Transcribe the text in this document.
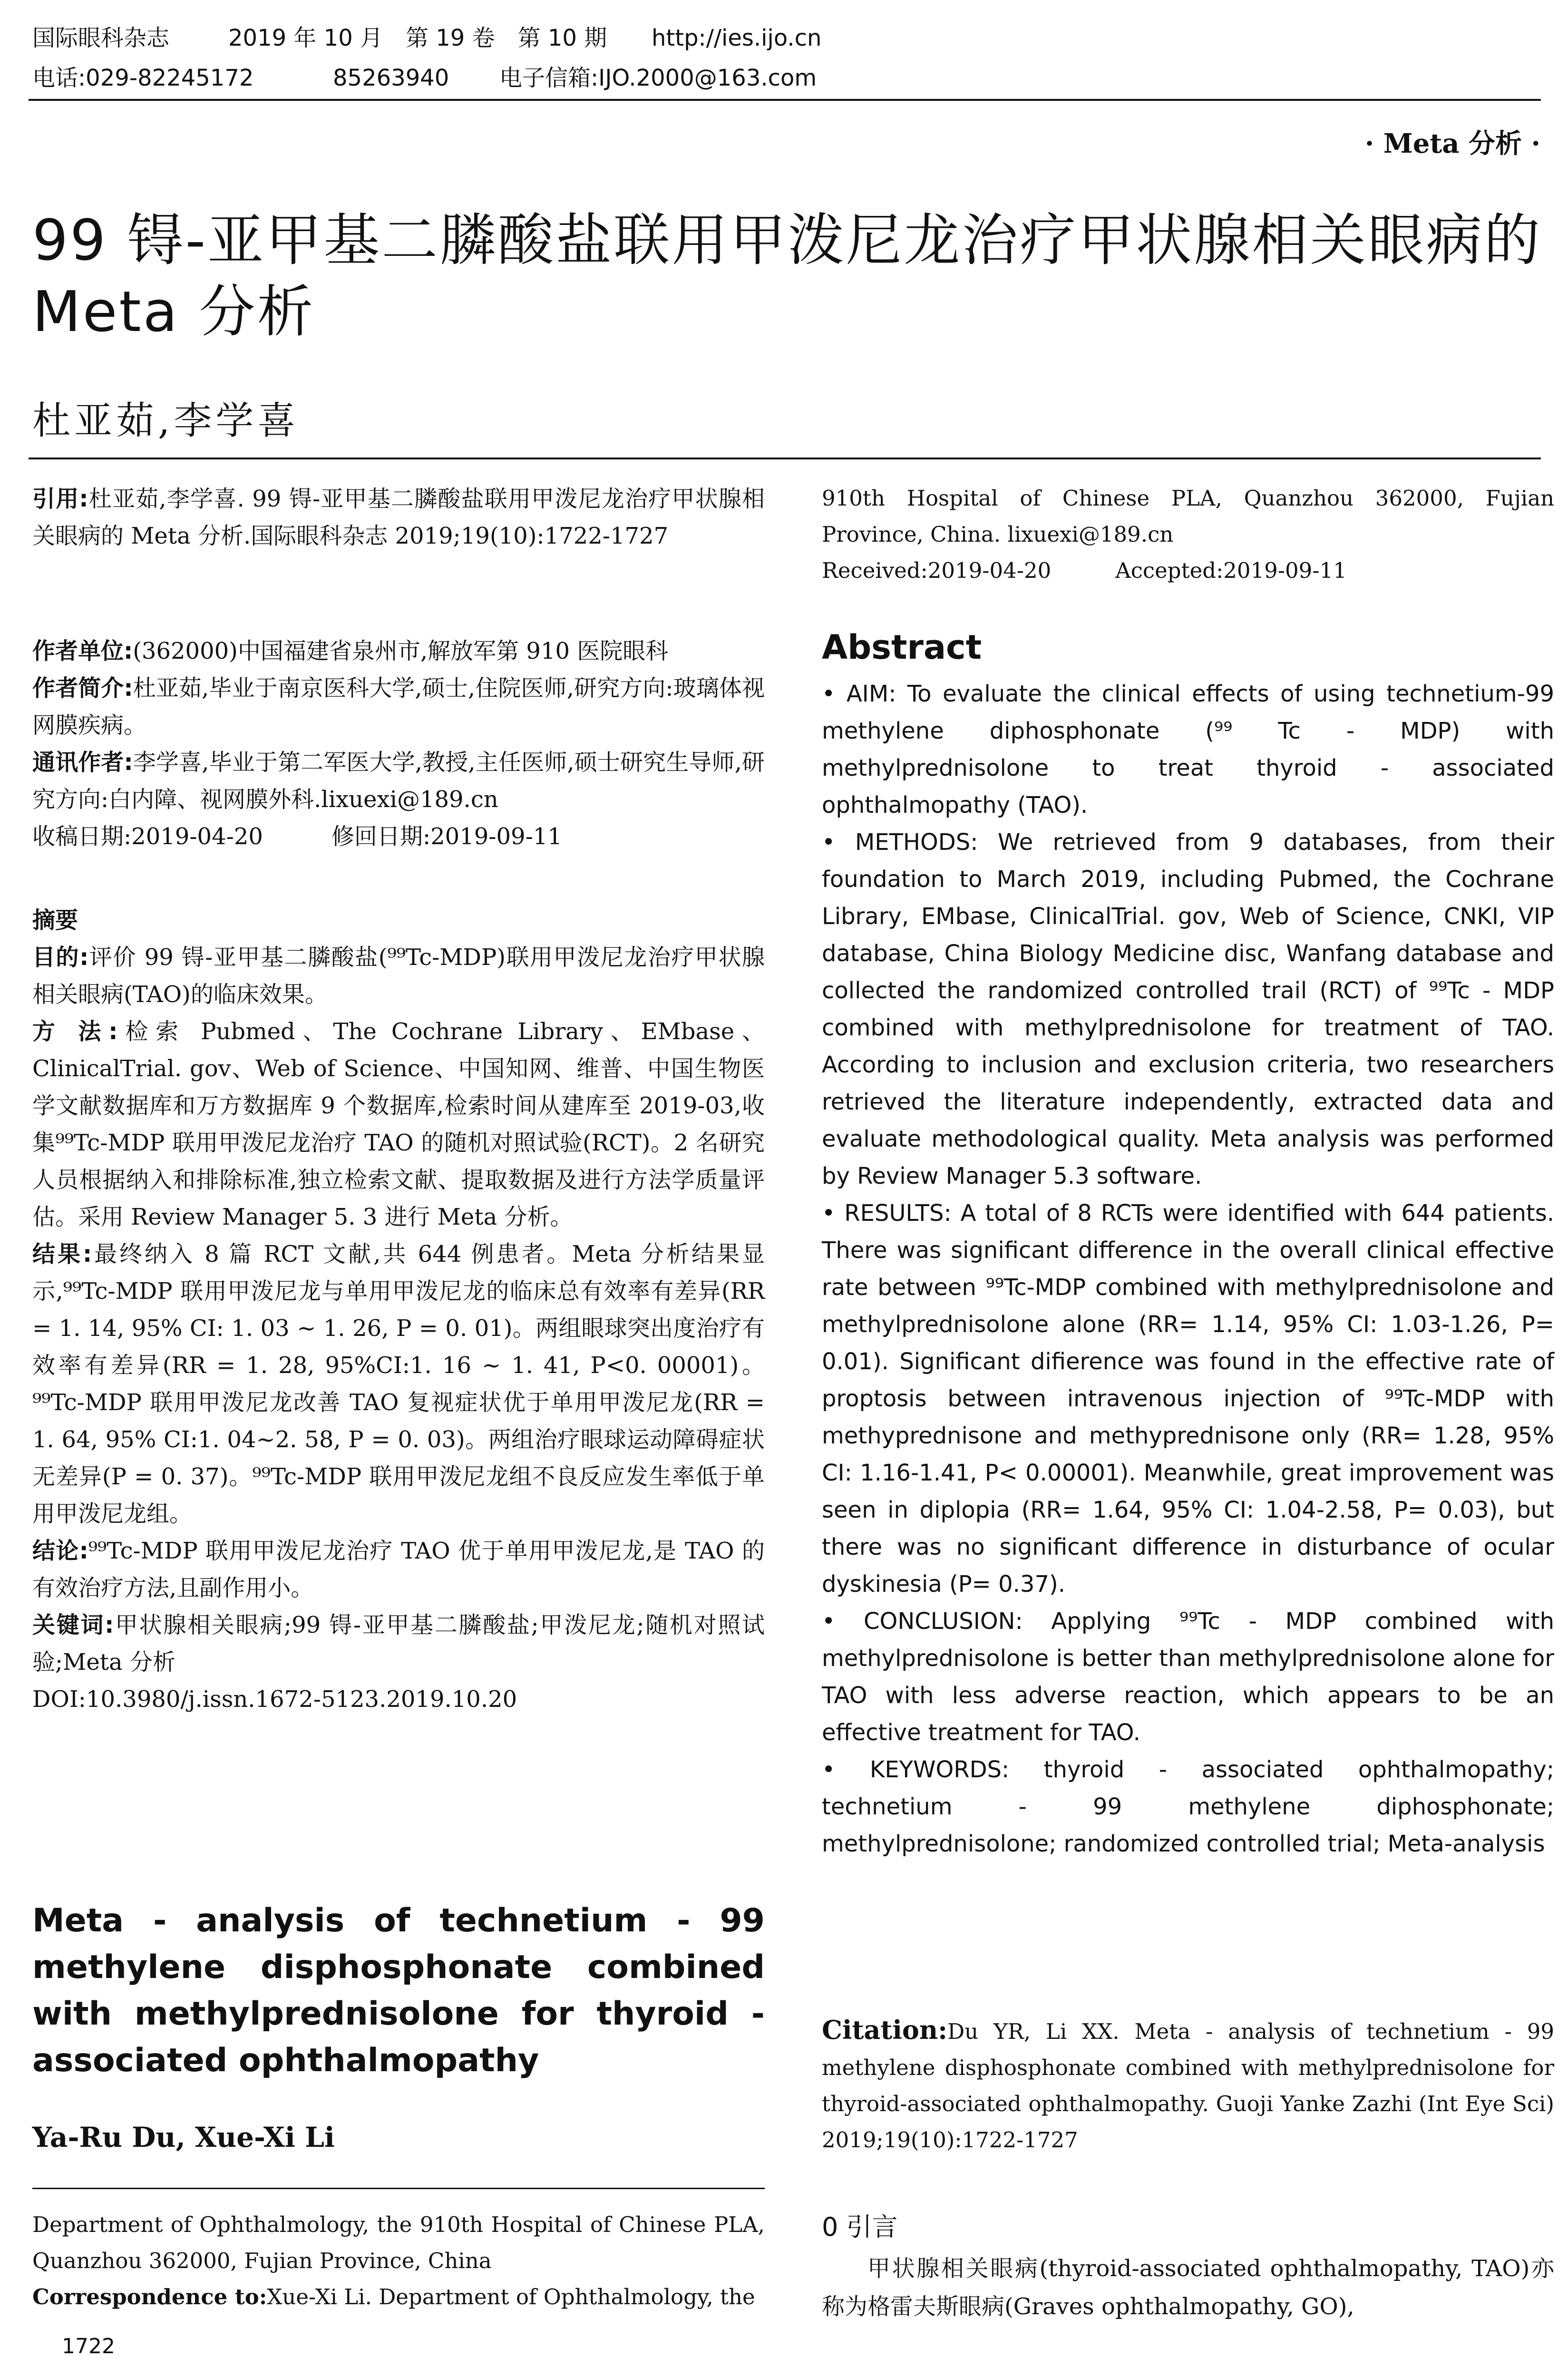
国际眼科杂志	2019 年 10 月　第 19 卷　第 10 期 http://ies.ijo.cn
电话:029-82245172	85263940 电子信箱:IJO.2000@163.com
· Meta 分析 ·
99 锝-亚甲基二膦酸盐联用甲泼尼龙治疗甲状腺相关眼病的 Meta 分析
杜亚茹,李学喜

引用:杜亚茹,李学喜. 99 锝-亚甲基二膦酸盐联用甲泼尼龙治疗甲状腺相关眼病的 Meta 分析.国际眼科杂志 2019;19(10):1722-1727

作者单位:(362000)中国福建省泉州市,解放军第 910 医院眼科

作者简介:杜亚茹,毕业于南京医科大学,硕士,住院医师,研究方向:玻璃体视网膜疾病。

通讯作者:李学喜,毕业于第二军医大学,教授,主任医师,硕士研究生导师,研究方向:白内障、视网膜外科.lixuexi@189.cn

收稿日期:2019-04-20　　　	修回日期:2019-09-11

摘要

目的:评价 99 锝-亚甲基二膦酸盐(⁹⁹Tc-MDP)联用甲泼尼龙治疗甲状腺相关眼病(TAO)的临床效果。

方 法:检索 Pubmed、The Cochrane Library、EMbase、ClinicalTrial. gov、Web of Science、中国知网、维普、中国生物医学文献数据库和万方数据库 9 个数据库,检索时间从建库至 2019-03,收集⁹⁹Tc-MDP 联用甲泼尼龙治疗 TAO 的随机对照试验(RCT)。2 名研究人员根据纳入和排除标准,独立检索文献、提取数据及进行方法学质量评估。采用 Review Manager 5. 3 进行 Meta 分析。

结果:最终纳入 8 篇 RCT 文献,共 644 例患者。Meta 分析结果显示,⁹⁹Tc-MDP 联用甲泼尼龙与单用甲泼尼龙的临床总有效率有差异(RR = 1. 14, 95% CI: 1. 03 ~ 1. 26, P = 0. 01)。两组眼球突出度治疗有效率有差异(RR = 1. 28, 95%CI:1. 16 ~ 1. 41, P<0. 00001)。⁹⁹Tc-MDP 联用甲泼尼龙改善 TAO 复视症状优于单用甲泼尼龙(RR = 1. 64, 95% CI:1. 04~2. 58, P = 0. 03)。两组治疗眼球运动障碍症状无差异(P = 0. 37)。⁹⁹Tc-MDP 联用甲泼尼龙组不良反应发生率低于单用甲泼尼龙组。

结论:⁹⁹Tc-MDP 联用甲泼尼龙治疗 TAO 优于单用甲泼尼龙,是 TAO 的有效治疗方法,且副作用小。

关键词:甲状腺相关眼病;99 锝-亚甲基二膦酸盐;甲泼尼龙;随机对照试验;Meta 分析

DOI:10.3980/j.issn.1672-5123.2019.10.20

Meta - analysis of technetium - 99 methylene disphosphonate combined with methylprednisolone for thyroid - associated ophthalmopathy
Ya-Ru Du, Xue-Xi Li

Department of Ophthalmology, the 910th Hospital of Chinese PLA, Quanzhou 362000, Fujian Province, China

Correspondence to:Xue-Xi Li. Department of Ophthalmology, the

1722

910th Hospital of Chinese PLA, Quanzhou 362000, Fujian Province, China. lixuexi@189.cn

Received:2019-04-20　　　	Accepted:2019-09-11

Abstract

• AIM: To evaluate the clinical effects of using technetium-99 methylene diphosphonate (⁹⁹ Tc - MDP) with methylprednisolone to treat thyroid - associated ophthalmopathy (TAO).

• METHODS: We retrieved from 9 databases, from their foundation to March 2019, including Pubmed, the Cochrane Library, EMbase, ClinicalTrial. gov, Web of Science, CNKI, VIP database, China Biology Medicine disc, Wanfang database and collected the randomized controlled trail (RCT) of ⁹⁹Tc - MDP combined with methylprednisolone for treatment of TAO. According to inclusion and exclusion criteria, two researchers retrieved the literature independently, extracted data and evaluate methodological quality. Meta analysis was performed by Review Manager 5.3 software.

• RESULTS: A total of 8 RCTs were identified with 644 patients. There was significant difference in the overall clinical effective rate between ⁹⁹Tc-MDP combined with methylprednisolone and methylprednisolone alone (RR= 1.14, 95% CI: 1.03-1.26, P= 0.01). Significant difierence was found in the effective rate of proptosis between intravenous injection of ⁹⁹Tc-MDP with methyprednisone and methyprednisone only (RR= 1.28, 95% CI: 1.16-1.41, P< 0.00001). Meanwhile, great improvement was seen in diplopia (RR= 1.64, 95% CI: 1.04-2.58, P= 0.03), but there was no significant difference in disturbance of ocular dyskinesia (P= 0.37).

• CONCLUSION: Applying ⁹⁹Tc - MDP combined with methylprednisolone is better than methylprednisolone alone for TAO with less adverse reaction, which appears to be an effective treatment for TAO.

• KEYWORDS: thyroid - associated ophthalmopathy; technetium - 99 methylene diphosphonate; methylprednisolone; randomized controlled trial; Meta-analysis

Citation:Du YR, Li XX. Meta - analysis of technetium - 99 methylene disphosphonate combined with methylprednisolone for thyroid-associated ophthalmopathy. Guoji Yanke Zazhi (Int Eye Sci) 2019;19(10):1722-1727

0 引言
甲状腺相关眼病(thyroid-associated ophthalmopathy, TAO)亦称为格雷夫斯眼病(Graves ophthalmopathy, GO),
